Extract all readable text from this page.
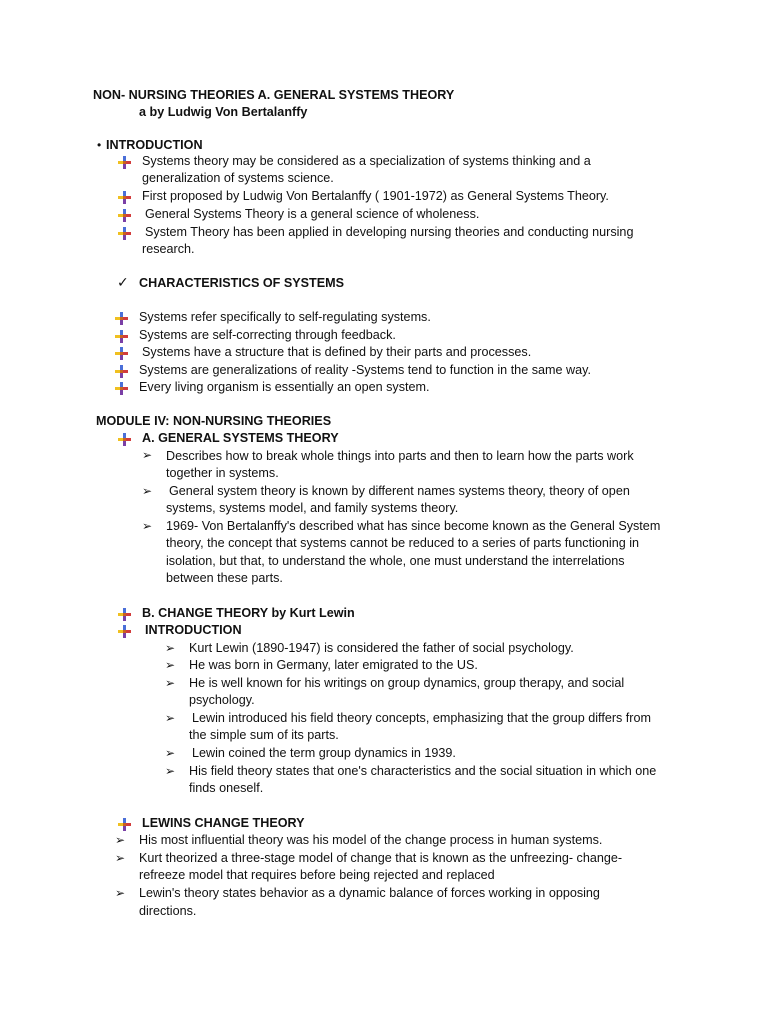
NON- NURSING THEORIES A. GENERAL SYSTEMS THEORY
a by Ludwig Von Bertalanffy
• INTRODUCTION
Systems theory may be considered as a specialization of systems thinking and a
generalization of systems science.
First proposed by Ludwig Von Bertalanffy ( 1901-1972) as General Systems Theory.
General Systems Theory is a general science of wholeness.
System Theory has been applied in developing nursing theories and conducting nursing
research.
✓ CHARACTERISTICS OF SYSTEMS
Systems refer specifically to self-regulating systems.
Systems are self-correcting through feedback.
Systems have a structure that is defined by their parts and processes.
Systems are generalizations of reality -Systems tend to function in the same way.
Every living organism is essentially an open system.
MODULE IV: NON-NURSING THEORIES
A. GENERAL SYSTEMS THEORY
➢ Describes how to break whole things into parts and then to learn how the parts work
together in systems.
➢ General system theory is known by different names systems theory, theory of open
systems, systems model, and family systems theory.
➢ 1969- Von Bertalanffy's described what has since become known as the General System
theory, the concept that systems cannot be reduced to a series of parts functioning in
isolation, but that, to understand the whole, one must understand the interrelations
between these parts.
B. CHANGE THEORY by Kurt Lewin
INTRODUCTION
➢ Kurt Lewin (1890-1947) is considered the father of social psychology.
➢ He was born in Germany, later emigrated to the US.
➢ He is well known for his writings on group dynamics, group therapy, and social
psychology.
➢ Lewin introduced his field theory concepts, emphasizing that the group differs from
the simple sum of its parts.
➢ Lewin coined the term group dynamics in 1939.
➢ His field theory states that one's characteristics and the social situation in which one
finds oneself.
LEWINS CHANGE THEORY
➢ His most influential theory was his model of the change process in human systems.
➢ Kurt theorized a three-stage model of change that is known as the unfreezing- change-
refreeze model that requires before being rejected and replaced
➢ Lewin's theory states behavior as a dynamic balance of forces working in opposing
directions.
